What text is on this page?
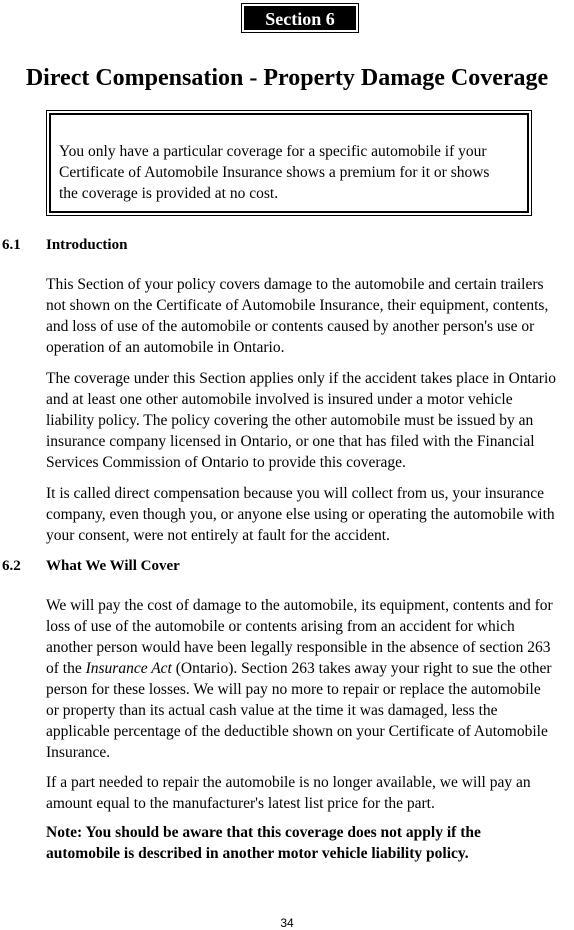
Section 6
Direct Compensation - Property Damage Coverage
You only have a particular coverage for a specific automobile if your
Certificate of Automobile Insurance shows a premium for it or shows
the coverage is provided at no cost.
6.1 Introduction
This Section of your policy covers damage to the automobile and certain trailers
not shown on the Certificate of Automobile Insurance, their equipment, contents,
and loss of use of the automobile or contents caused by another person's use or
operation of an automobile in Ontario.
The coverage under this Section applies only if the accident takes place in Ontario
and at least one other automobile involved is insured under a motor vehicle
liability policy. The policy covering the other automobile must be issued by an
insurance company licensed in Ontario, or one that has filed with the Financial
Services Commission of Ontario to provide this coverage.
It is called direct compensation because you will collect from us, your insurance
company, even though you, or anyone else using or operating the automobile with
your consent, were not entirely at fault for the accident.
6.2 What We Will Cover
We will pay the cost of damage to the automobile, its equipment, contents and for
loss of use of the automobile or contents arising from an accident for which
another person would have been legally responsible in the absence of section 263
of the Insurance Act (Ontario). Section 263 takes away your right to sue the other
person for these losses. We will pay no more to repair or replace the automobile
or property than its actual cash value at the time it was damaged, less the
applicable percentage of the deductible shown on your Certificate of Automobile
Insurance.
If a part needed to repair the automobile is no longer available, we will pay an
amount equal to the manufacturer's latest list price for the part.
Note: You should be aware that this coverage does not apply if the
automobile is described in another motor vehicle liability policy.
34
